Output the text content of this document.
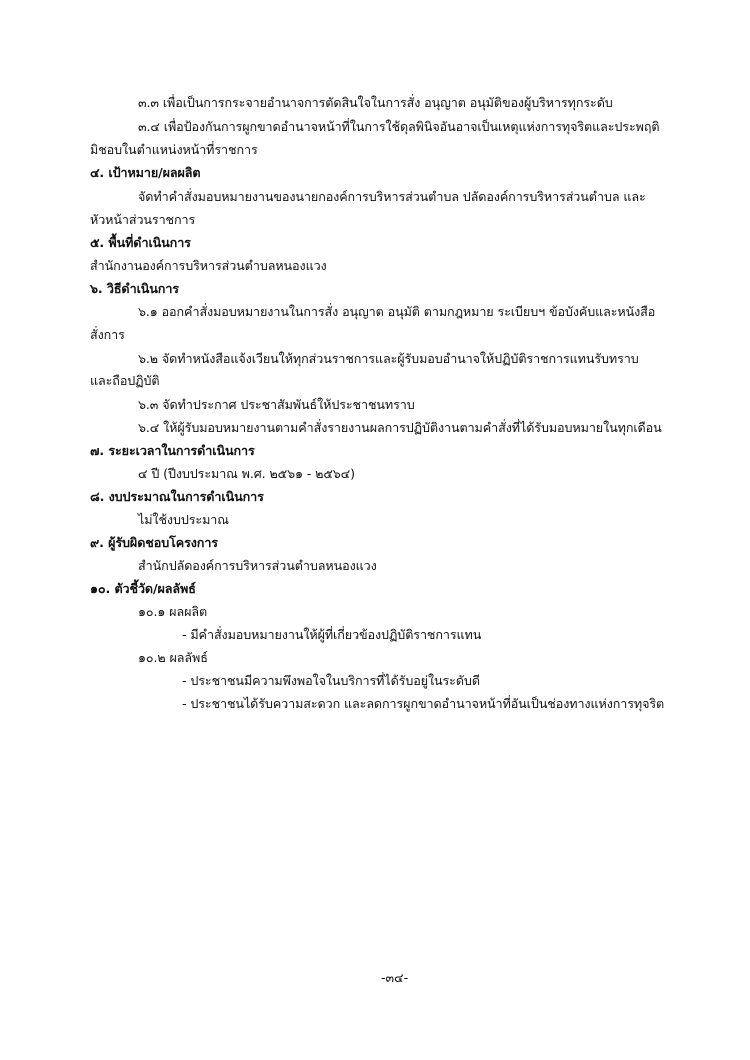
๓.๓ เพื่อเป็นการกระจายอำนาจการตัดสินใจในการสั่ง อนุญาต อนุมัติของผู้บริหารทุกระดับ
๓.๔ เพื่อป้องกันการผูกขาดอำนาจหน้าที่ในการใช้ดุลพินิจอันอาจเป็นเหตุแห่งการทุจริตและประพฤติ
มิชอบในตำแหน่งหน้าที่ราชการ
๔. เป้าหมาย/ผลผลิต
จัดทำคำสั่งมอบหมายงานของนายกองค์การบริหารส่วนตำบล ปลัดองค์การบริหารส่วนตำบล และ
หัวหน้าส่วนราชการ
๕. พื้นที่ดำเนินการ
สำนักงานองค์การบริหารส่วนตำบลหนองแวง
๖. วิธีดำเนินการ
๖.๑ ออกคำสั่งมอบหมายงานในการสั่ง อนุญาต อนุมัติ ตามกฎหมาย ระเบียบฯ ข้อบังคับและหนังสือ
สั่งการ
๖.๒ จัดทำหนังสือแจ้งเวียนให้ทุกส่วนราชการและผู้รับมอบอำนาจให้ปฏิบัติราชการแทนรับทราบ
และถือปฏิบัติ
๖.๓ จัดทำประกาศ ประชาสัมพันธ์ให้ประชาชนทราบ
๖.๔ ให้ผู้รับมอบหมายงานตามคำสั่งรายงานผลการปฏิบัติงานตามคำสั่งที่ได้รับมอบหมายในทุกเดือน
๗. ระยะเวลาในการดำเนินการ
๔ ปี (ปีงบประมาณ พ.ศ. ๒๕๖๑ - ๒๕๖๔)
๘. งบประมาณในการดำเนินการ
ไม่ใช้งบประมาณ
๙. ผู้รับผิดชอบโครงการ
สำนักปลัดองค์การบริหารส่วนตำบลหนองแวง
๑๐. ตัวชี้วัด/ผลลัพธ์
๑๐.๑ ผลผลิต
- มีคำสั่งมอบหมายงานให้ผู้ที่เกี่ยวข้องปฏิบัติราชการแทน
๑๐.๒ ผลลัพธ์
- ประชาชนมีความพึงพอใจในบริการที่ได้รับอยู่ในระดับดี
- ประชาชนได้รับความสะดวก และลดการผูกขาดอำนาจหน้าที่อันเป็นช่องทางแห่งการทุจริต
-๓๔-
